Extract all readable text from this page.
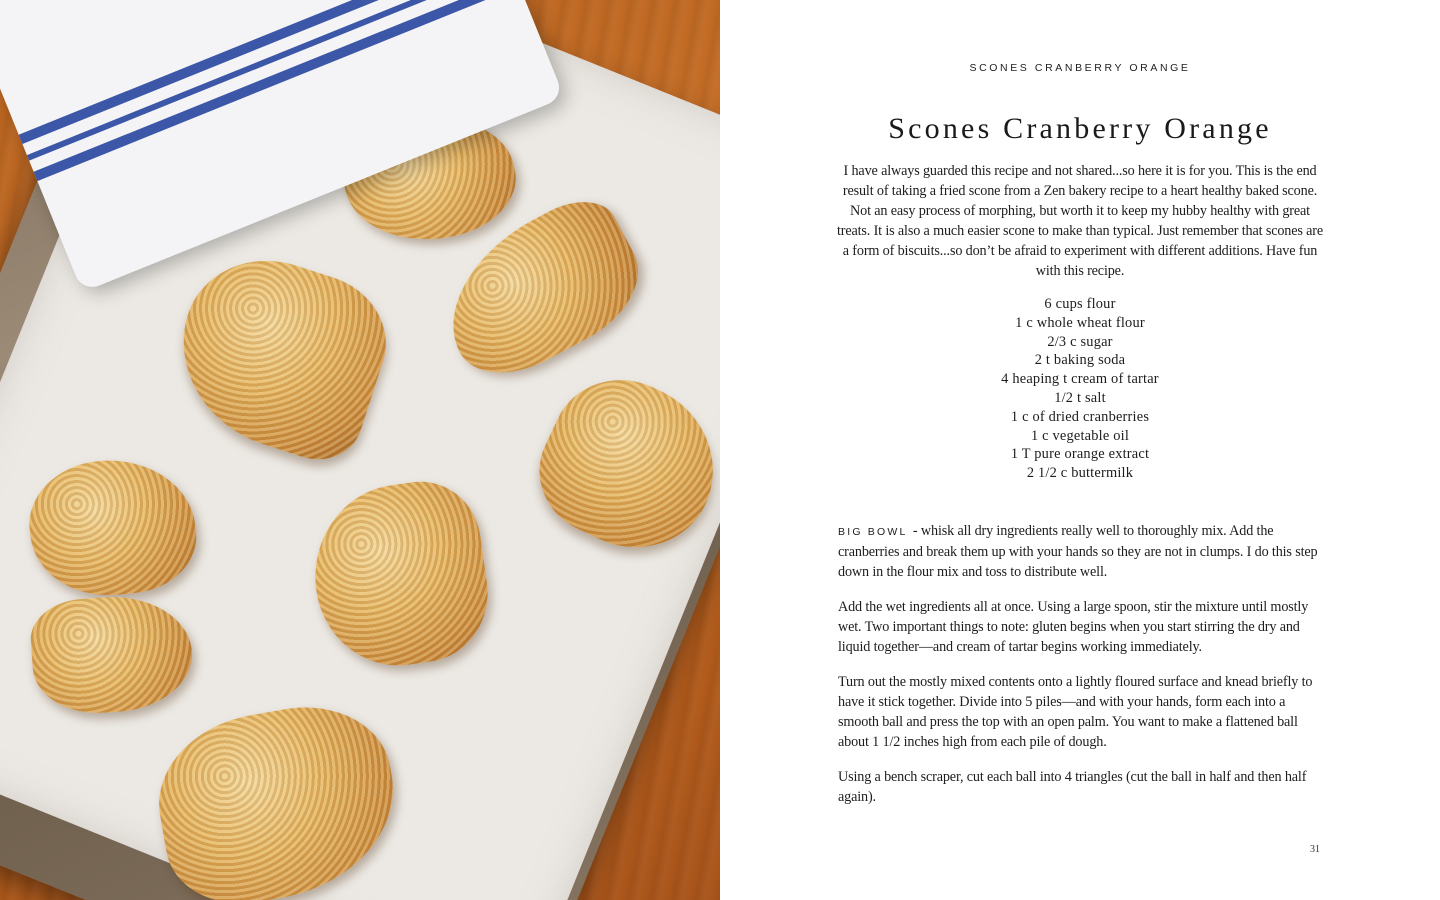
SCONES CRANBERRY ORANGE
Scones Cranberry Orange

I have always guarded this recipe and not shared...so here it is for you. This is the end result of taking a fried scone from a Zen bakery recipe to a heart healthy baked scone. Not an easy process of morphing, but worth it to keep my hubby healthy with great treats. It is also a much easier scone to make than typical. Just remember that scones are a form of biscuits...so don’t be afraid to experiment with different additions. Have fun with this recipe.

6 cups flour
1 c whole wheat flour
2/3 c sugar
2 t baking soda
4 heaping t cream of tartar
1/2 t salt
1 c of dried cranberries
1 c vegetable oil
1 T pure orange extract
2 1/2 c buttermilk

BIG BOWL - whisk all dry ingredients really well to thoroughly mix. Add the cranberries and break them up with your hands so they are not in clumps. I do this step down in the flour mix and toss to distribute well.

Add the wet ingredients all at once. Using a large spoon, stir the mixture until mostly wet. Two important things to note: gluten begins when you start stirring the dry and liquid together—and cream of tartar begins working immediately.

Turn out the mostly mixed contents onto a lightly floured surface and knead briefly to have it stick together. Divide into 5 piles—and with your hands, form each into a smooth ball and press the top with an open palm. You want to make a flattened ball about 1 1/2 inches high from each pile of dough.

Using a bench scraper, cut each ball into 4 triangles (cut the ball in half and then half again).

31
